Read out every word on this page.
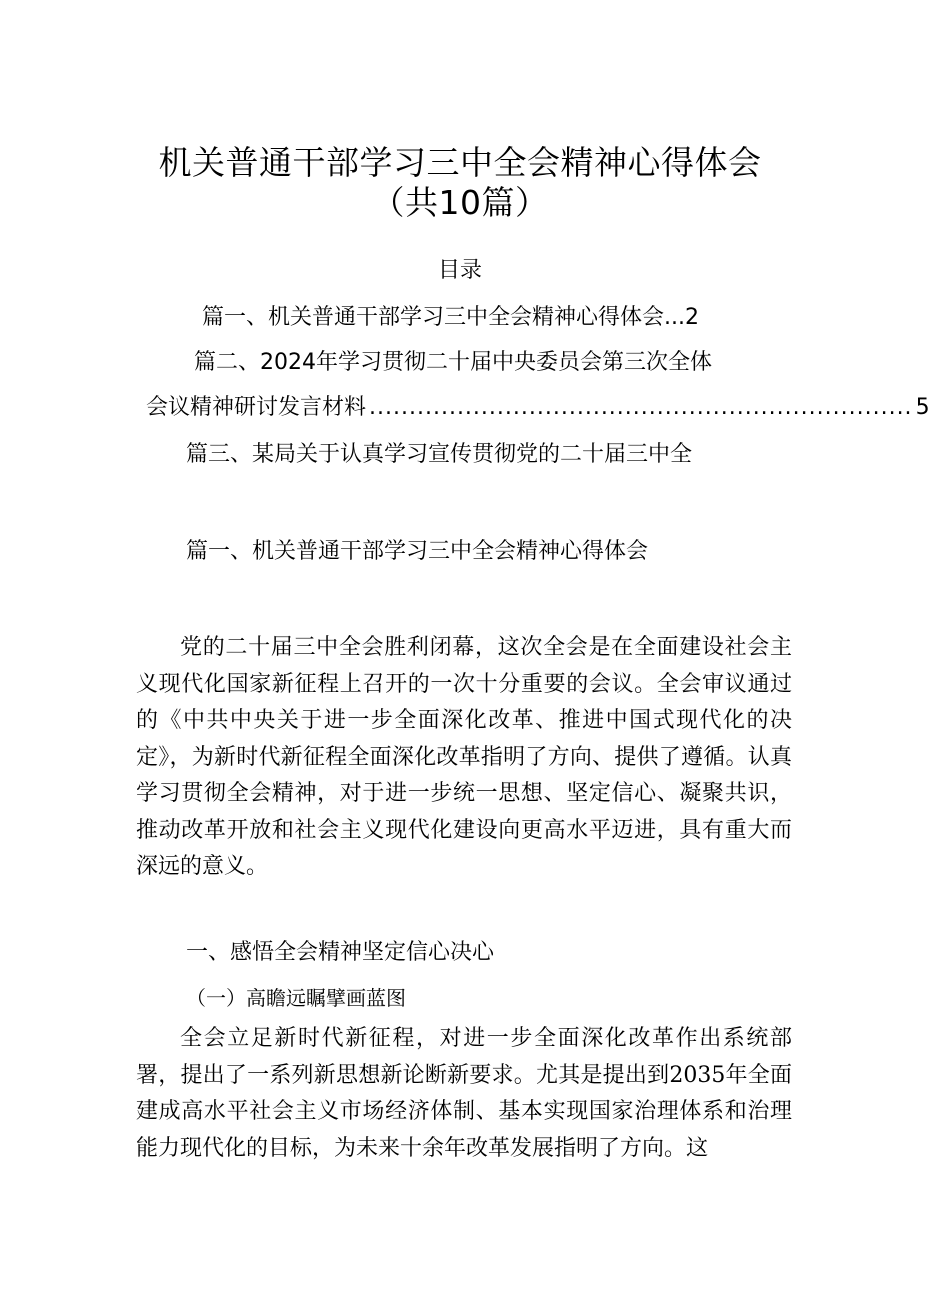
机关普通干部学习三中全会精神心得体会
（共10篇）
目录
篇一、机关普通干部学习三中全会精神心得体会...2
篇二、2024年学习贯彻二十届中央委员会第三次全体
会议精神研讨发言材料 .................................................................... 5
篇三、某局关于认真学习宣传贯彻党的二十届三中全
篇一、机关普通干部学习三中全会精神心得体会

党的二十届三中全会胜利闭幕，这次全会是在全面建设社会主义现代化国家新征程上召开的一次十分重要的会议。全会审议通过的《中共中央关于进一步全面深化改革、推进中国式现代化的决定》，为新时代新征程全面深化改革指明了方向、提供了遵循。认真学习贯彻全会精神，对于进一步统一思想、坚定信心、凝聚共识，推动改革开放和社会主义现代化建设向更高水平迈进，具有重大而深远的意义。

一、感悟全会精神坚定信心决心
（一）高瞻远瞩擘画蓝图

全会立足新时代新征程，对进一步全面深化改革作出系统部署，提出了一系列新思想新论断新要求。尤其是提出到2035年全面建成高水平社会主义市场经济体制、基本实现国家治理体系和治理能力现代化的目标，为未来十余年改革发展指明了方向。这
